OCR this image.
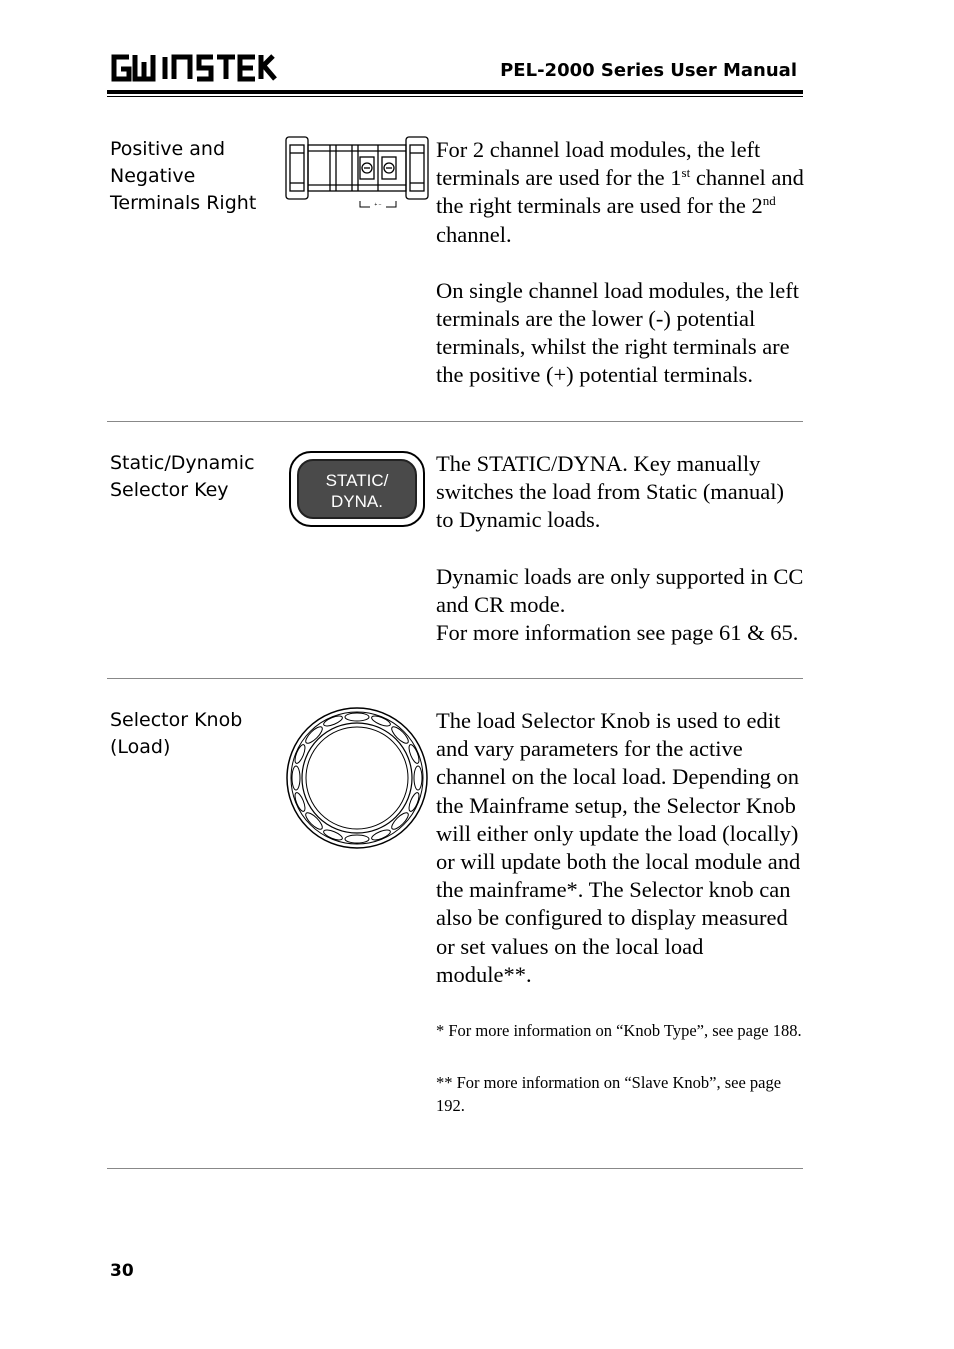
PEL-2000 Series User Manual
Positive and
Negative
Terminals Right	+ −

For 2 channel load modules, the left terminals are used for the 1st channel and the right terminals are used for the 2nd channel.

On single channel load modules, the left terminals are the lower (-) potential terminals, whilst the right terminals are the positive (+) potential terminals.

Static/Dynamic
Selector Key	STATIC/
DYNA.

The STATIC/DYNA. Key manually switches the load from Static (manual) to Dynamic loads.

Dynamic loads are only supported in CC and CR mode.

For more information see page 61 & 65.

Selector Knob
(Load)

The load Selector Knob is used to edit and vary parameters for the active channel on the local load. Depending on the Mainframe setup, the Selector Knob will either only update the load (locally) or will update both the local module and the mainframe*. The Selector knob can also be configured to display measured or set values on the local load module**.

* For more information on “Knob Type”, see page 188.

** For more information on “Slave Knob”, see page 192.

30
